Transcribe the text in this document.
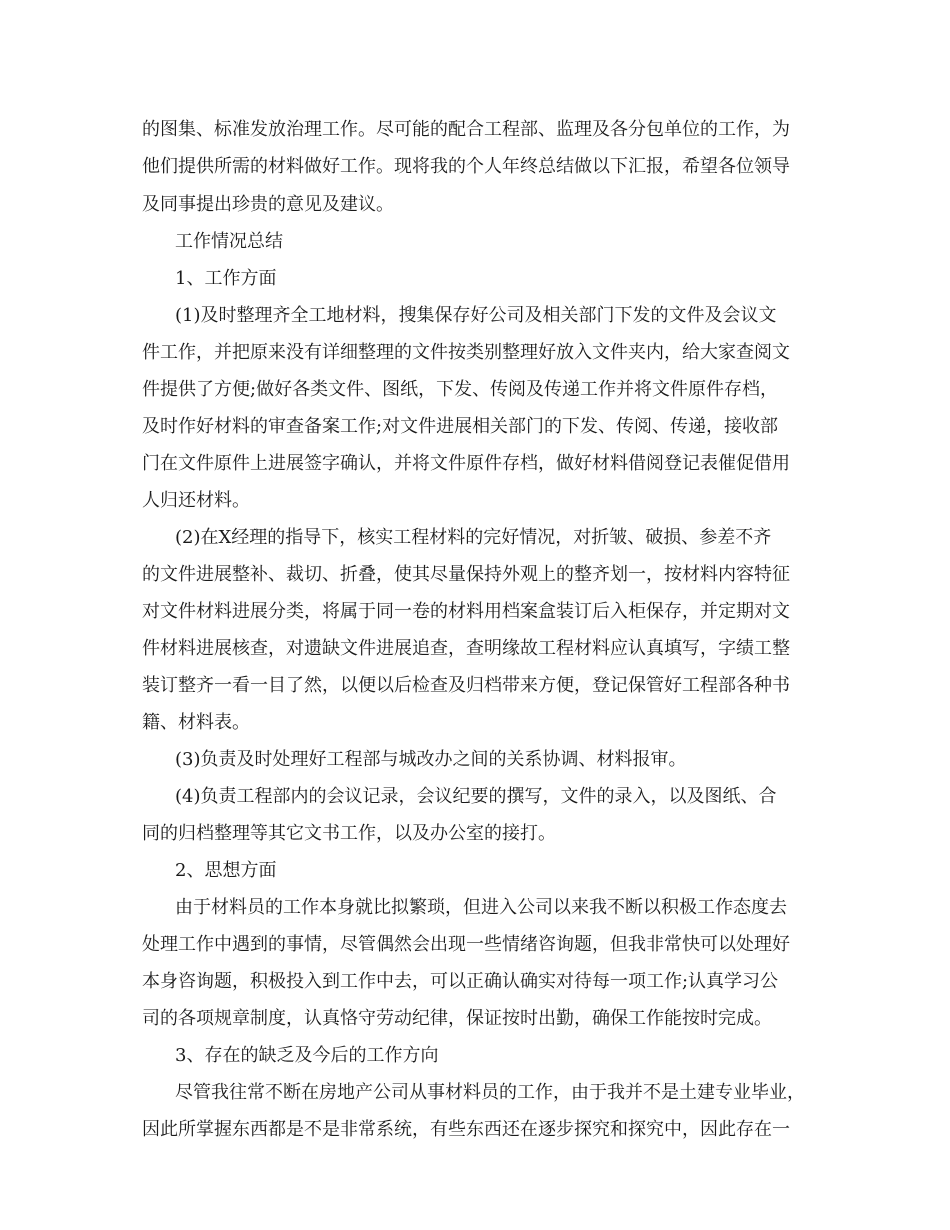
的图集、标准发放治理工作。尽可能的配合工程部、监理及各分包单位的工作，为
他们提供所需的材料做好工作。现将我的个人年终总结做以下汇报，希望各位领导
及同事提出珍贵的意见及建议。
工作情况总结
1、工作方面
(1)及时整理齐全工地材料，搜集保存好公司及相关部门下发的文件及会议文
件工作，并把原来没有详细整理的文件按类别整理好放入文件夹内，给大家查阅文
件提供了方便;做好各类文件、图纸，下发、传阅及传递工作并将文件原件存档，
及时作好材料的审查备案工作;对文件进展相关部门的下发、传阅、传递，接收部
门在文件原件上进展签字确认，并将文件原件存档，做好材料借阅登记表催促借用
人归还材料。
(2)在X经理的指导下，核实工程材料的完好情况，对折皱、破损、参差不齐
的文件进展整补、裁切、折叠，使其尽量保持外观上的整齐划一，按材料内容特征
对文件材料进展分类，将属于同一卷的材料用档案盒装订后入柜保存，并定期对文
件材料进展核查，对遗缺文件进展追查，查明缘故工程材料应认真填写，字绩工整
装订整齐一看一目了然，以便以后检查及归档带来方便，登记保管好工程部各种书
籍、材料表。
(3)负责及时处理好工程部与城改办之间的关系协调、材料报审。
(4)负责工程部内的会议记录，会议纪要的撰写，文件的录入，以及图纸、合
同的归档整理等其它文书工作，以及办公室的接打。
2、思想方面
由于材料员的工作本身就比拟繁琐，但进入公司以来我不断以积极工作态度去
处理工作中遇到的事情，尽管偶然会出现一些情绪咨询题，但我非常快可以处理好
本身咨询题，积极投入到工作中去，可以正确认确实对待每一项工作;认真学习公
司的各项规章制度，认真恪守劳动纪律，保证按时出勤，确保工作能按时完成。
3、存在的缺乏及今后的工作方向
尽管我往常不断在房地产公司从事材料员的工作，由于我并不是土建专业毕业，
因此所掌握东西都是不是非常系统，有些东西还在逐步探究和探究中，因此存在一
